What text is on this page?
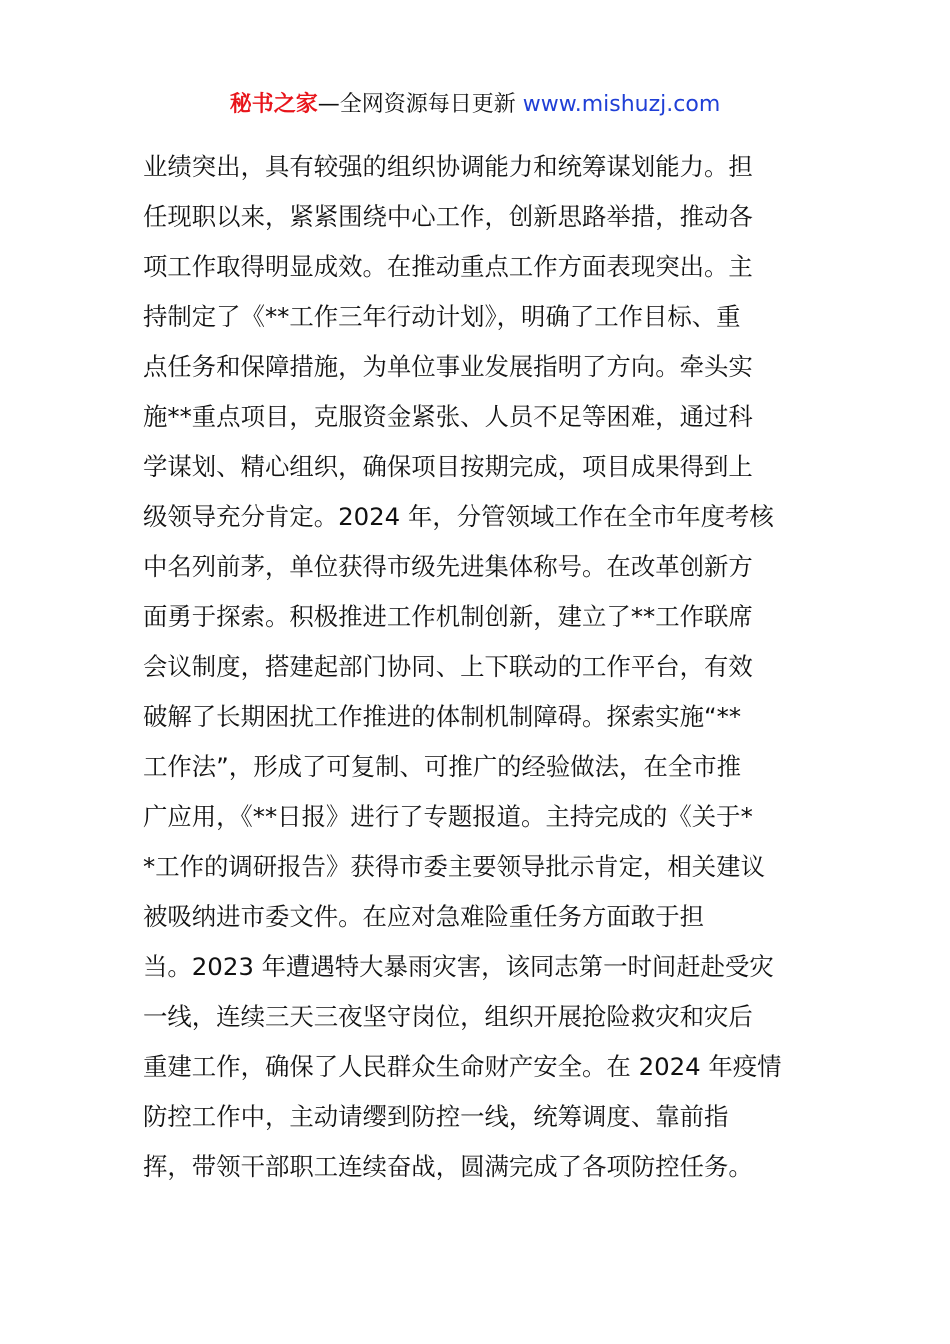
秘书之家—全网资源每日更新 www.mishuzj.com
业绩突出，具有较强的组织协调能力和统筹谋划能力。担
任现职以来，紧紧围绕中心工作，创新思路举措，推动各
项工作取得明显成效。在推动重点工作方面表现突出。主
持制定了《**工作三年行动计划》，明确了工作目标、重
点任务和保障措施，为单位事业发展指明了方向。牵头实
施**重点项目，克服资金紧张、人员不足等困难，通过科
学谋划、精心组织，确保项目按期完成，项目成果得到上
级领导充分肯定。2024 年，分管领域工作在全市年度考核
中名列前茅，单位获得市级先进集体称号。在改革创新方
面勇于探索。积极推进工作机制创新，建立了**工作联席
会议制度，搭建起部门协同、上下联动的工作平台，有效
破解了长期困扰工作推进的体制机制障碍。探索实施“**
工作法”，形成了可复制、可推广的经验做法，在全市推
广应用，《**日报》进行了专题报道。主持完成的《关于*
*工作的调研报告》获得市委主要领导批示肯定，相关建议
被吸纳进市委文件。在应对急难险重任务方面敢于担
当。2023 年遭遇特大暴雨灾害，该同志第一时间赶赴受灾
一线，连续三天三夜坚守岗位，组织开展抢险救灾和灾后
重建工作，确保了人民群众生命财产安全。在 2024 年疫情
防控工作中，主动请缨到防控一线，统筹调度、靠前指
挥，带领干部职工连续奋战，圆满完成了各项防控任务。
